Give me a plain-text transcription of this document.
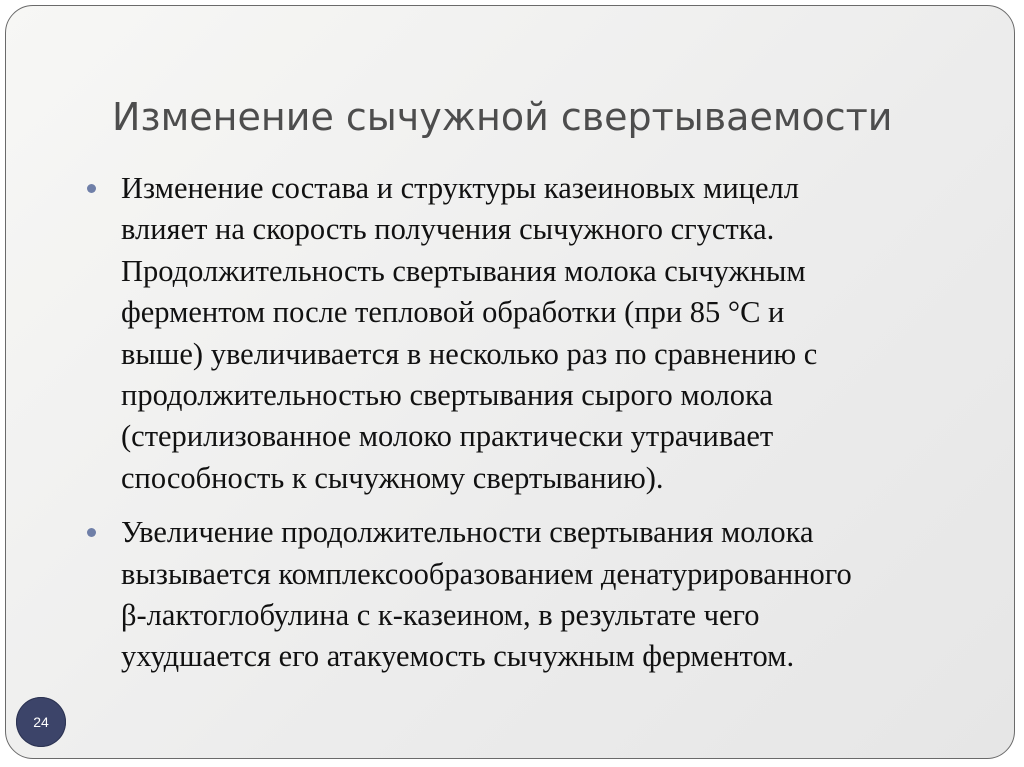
Изменение сычужной свертываемости
Изменение состава и структуры казеиновых мицелл
влияет на скорость получения сычужного сгустка.
Продолжительность свертывания молока сычужным
ферментом после тепловой обработки (при 85 °С и
выше) увеличивается в несколько раз по сравнению с
продолжительностью свертывания сырого молока
(стерилизованное молоко практически утрачивает
способность к сычужному свертыванию).
Увеличение продолжительности свертывания молока
вызывается комплексообразованием денатурированного
β-лактоглобулина с к-казеином, в результате чего
ухудшается его атакуемость сычужным ферментом.
24
